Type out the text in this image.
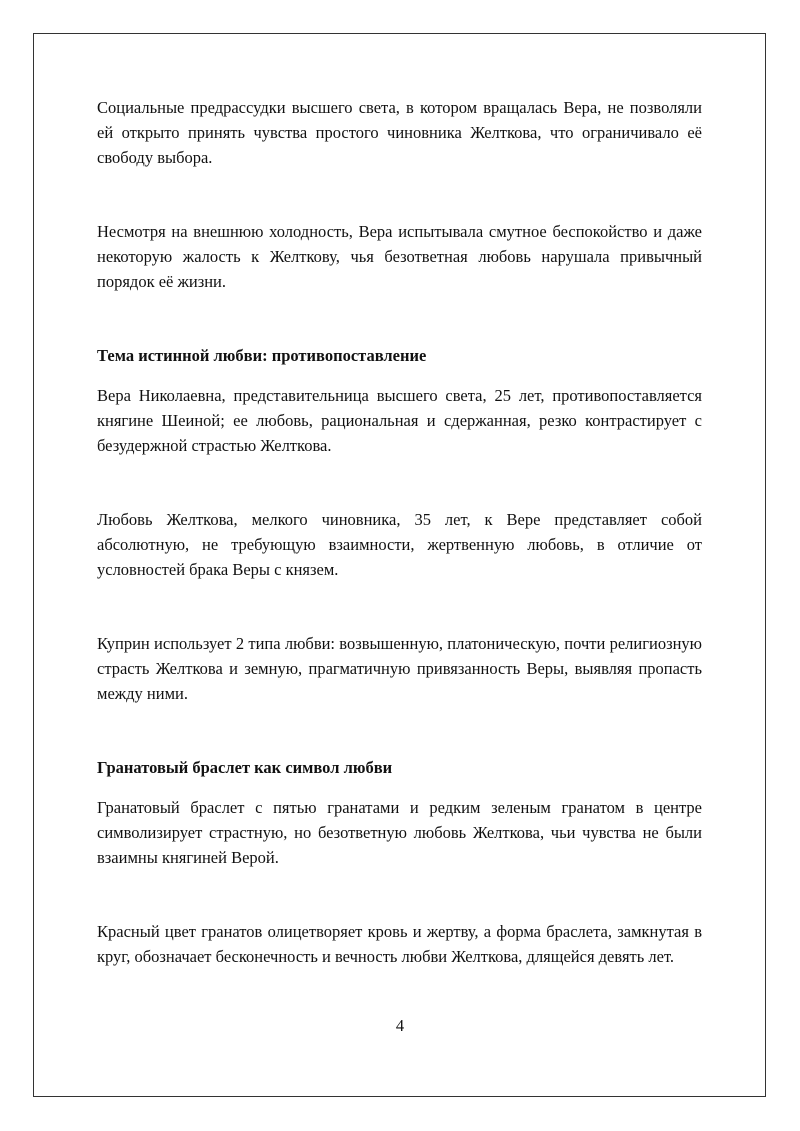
Социальные предрассудки высшего света, в котором вращалась Вера, не позволяли ей открыто принять чувства простого чиновника Желткова, что ограничивало её свободу выбора.

Несмотря на внешнюю холодность, Вера испытывала смутное беспокойство и даже некоторую жалость к Желткову, чья безответная любовь нарушала привычный порядок её жизни.

Тема истинной любви: противопоставление

Вера Николаевна, представительница высшего света, 25 лет, противопоставляется княгине Шеиной; ее любовь, рациональная и сдержанная, резко контрастирует с безудержной страстью Желткова.

Любовь Желткова, мелкого чиновника, 35 лет, к Вере представляет собой абсолютную, не требующую взаимности, жертвенную любовь, в отличие от условностей брака Веры с князем.

Куприн использует 2 типа любви: возвышенную, платоническую, почти религиозную страсть Желткова и земную, прагматичную привязанность Веры, выявляя пропасть между ними.

Гранатовый браслет как символ любви

Гранатовый браслет с пятью гранатами и редким зеленым гранатом в центре символизирует страстную, но безответную любовь Желткова, чьи чувства не были взаимны княгиней Верой.

Красный цвет гранатов олицетворяет кровь и жертву, а форма браслета, замкнутая в круг, обозначает бесконечность и вечность любви Желткова, длящейся девять лет.

4
